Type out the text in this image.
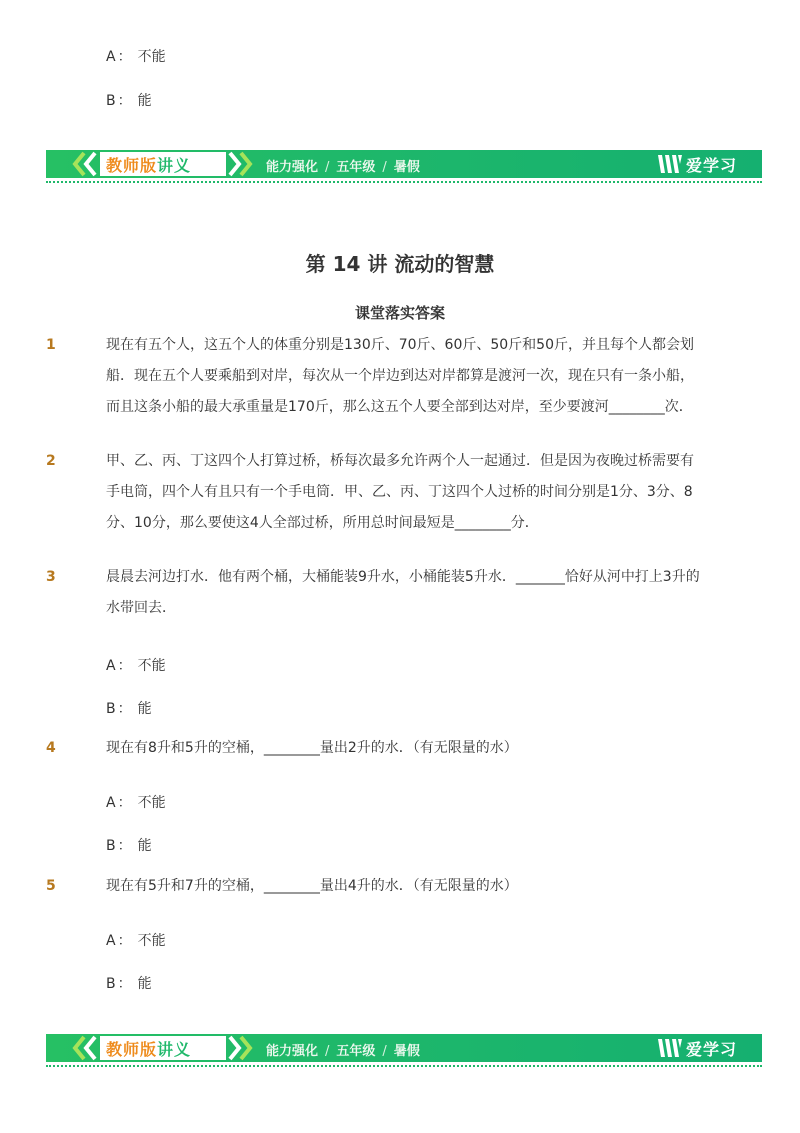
A ： 不能
B ： 能
教师版讲义	能力强化 / 五年级 / 暑假	爱学习
第 14 讲 流动的智慧
课堂落实答案
1	现在有五个人，这五个人的体重分别是130斤、70斤、60斤、50斤和50斤，并且每个人都会划
船．现在五个人要乘船到对岸，每次从一个岸边到达对岸都算是渡河一次，现在只有一条小船，
而且这条小船的最大承重量是170斤，那么这五个人要全部到达对岸，至少要渡河________次．
2	甲、乙、丙、丁这四个人打算过桥，桥每次最多允许两个人一起通过．但是因为夜晚过桥需要有
手电筒，四个人有且只有一个手电筒．甲、乙、丙、丁这四个人过桥的时间分别是1分、3分、8
分、10分，那么要使这4人全部过桥，所用总时间最短是________分．
3	晨晨去河边打水．他有两个桶，大桶能装9升水，小桶能装5升水．_______恰好从河中打上3升的
水带回去．
A ： 不能
B ： 能
4	现在有8升和5升的空桶，________量出2升的水．（有无限量的水）
A ： 不能
B ： 能
5	现在有5升和7升的空桶，________量出4升的水．（有无限量的水）
A ： 不能
B ： 能
教师版讲义	能力强化 / 五年级 / 暑假	爱学习
